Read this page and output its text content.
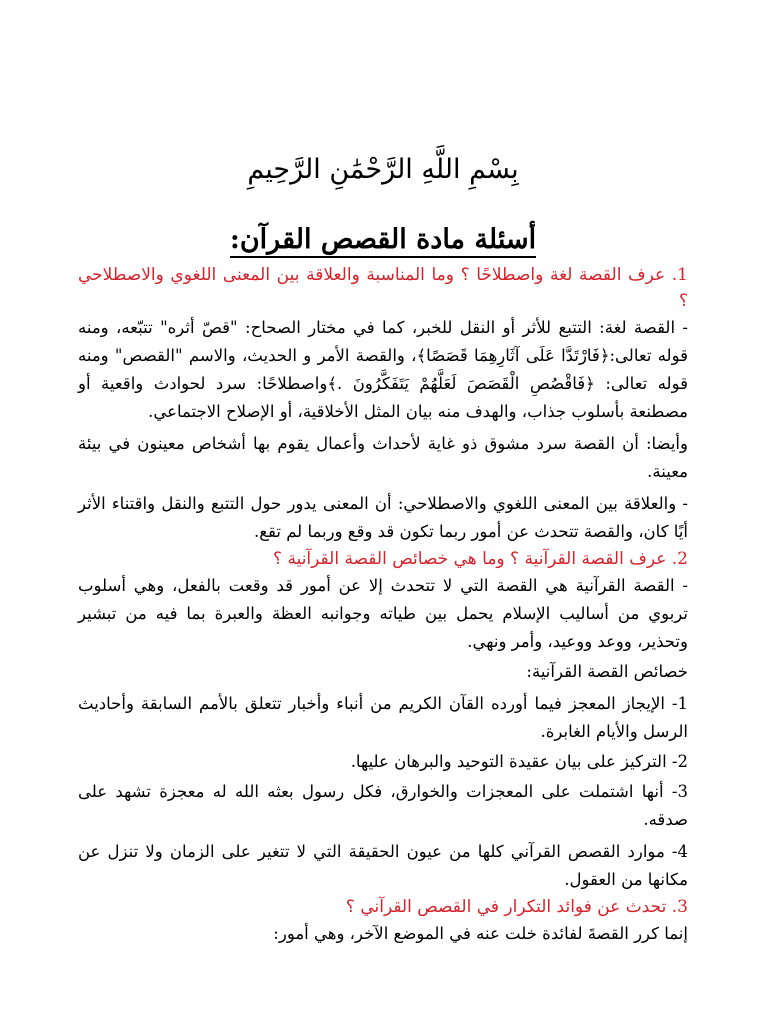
بِسْمِ اللَّهِ الرَّحْمَٰنِ الرَّحِيمِ
أسئلة مادة القصص القرآن:

1. عرف القصة لغة واصطلاحًا ؟ وما المناسبة والعلاقة بين المعنى اللغوي والاصطلاحي ؟

- القصة لغة: التتبع للأثر أو النقل للخبر، كما في مختار الصحاح: "قصّ أثره" تتبّعه، ومنه قوله تعالى:﴿فَارْتَدَّا عَلَى آثَارِهِمَا قَصَصًا﴾، والقصة الأمر و الحديث، والاسم "القصص" ومنه قوله تعالى: ﴿فَاقْصُصِ الْقَصَصَ لَعَلَّهُمْ يَتَفَكَّرُونَ .﴾واصطلاحًا: سرد لحوادث واقعية أو مصطنعة بأسلوب جذاب، والهدف منه بيان المثل الأخلاقية، أو الإصلاح الاجتماعي.

وأيضا: أن القصة سرد مشوق ذو غاية لأحداث وأعمال يقوم بها أشخاص معينون في بيئة معينة.

- والعلاقة بين المعنى اللغوي والاصطلاحي: أن المعنى يدور حول التتبع والنقل واقتناء الأثر أيًا كان، والقصة تتحدث عن أمور ربما تكون قد وقع وربما لم تقع.

2. عرف القصة القرآنية ؟ وما هي خصائص القصة القرآنية ؟

- القصة القرآنية هي القصة التي لا تتحدث إلا عن أمور قد وقعت بالفعل، وهي أسلوب تربوي من أساليب الإسلام يحمل بين طياته وجوانبه العظة والعبرة بما فيه من تبشير وتحذير، ووعد ووعيد، وأمر ونهي.

خصائص القصة القرآنية:

1- الإيجاز المعجز فيما أورده القآن الكريم من أنباء وأخبار تتعلق بالأمم السابقة وأحاديث الرسل والأيام الغابرة.

2- التركيز على بيان عقيدة التوحيد والبرهان عليها.

3- أنها اشتملت على المعجزات والخوارق، فكل رسول بعثه الله له معجزة تشهد على صدقه.

4- موارد القصص القرآني كلها من عيون الحقيقة التي لا تتغير على الزمان ولا تنزل عن مكانها من العقول.

3. تحدث عن فوائد التكرار في القصص القرآني ؟

إنما كرر القصةَ لفائدة خلت عنه في الموضع الآخر، وهي أمور:
